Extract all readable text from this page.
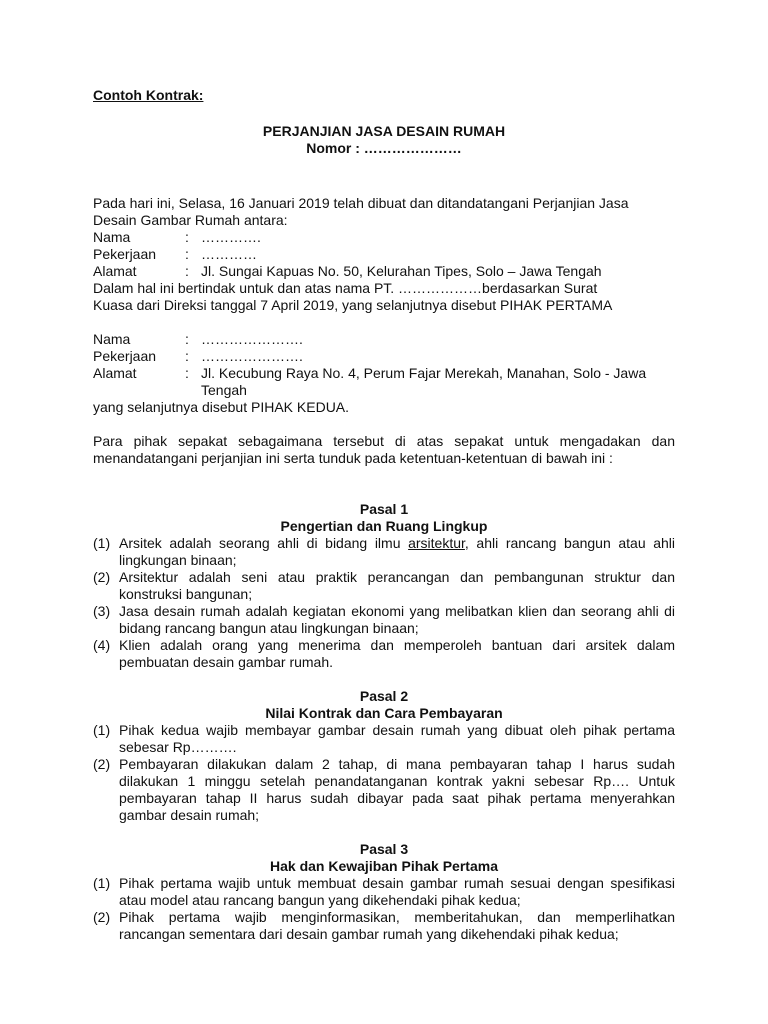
Contoh Kontrak:
PERJANJIAN JASA DESAIN RUMAH
Nomor : …………………
Pada hari ini, Selasa, 16 Januari 2019 telah dibuat dan ditandatangani Perjanjian Jasa
Desain Gambar Rumah antara:
Nama	: ………….
Pekerjaan	: …………
Alamat	: Jl. Sungai Kapuas No. 50, Kelurahan Tipes, Solo – Jawa Tengah
Dalam hal ini bertindak untuk dan atas nama PT. ………………berdasarkan Surat
Kuasa dari Direksi tanggal 7 April 2019, yang selanjutnya disebut PIHAK PERTAMA
Nama	: ………………….
Pekerjaan	: ………………….
Alamat	: Jl. Kecubung Raya No. 4, Perum Fajar Merekah, Manahan, Solo - Jawa Tengah
yang selanjutnya disebut PIHAK KEDUA.
Para pihak sepakat sebagaimana tersebut di atas sepakat untuk mengadakan dan menandatangani perjanjian ini serta tunduk pada ketentuan-ketentuan di bawah ini :
Pasal 1
Pengertian dan Ruang Lingkup
(1) Arsitek adalah seorang ahli di bidang ilmu arsitektur, ahli rancang bangun atau ahli lingkungan binaan;
(2) Arsitektur adalah seni atau praktik perancangan dan pembangunan struktur dan konstruksi bangunan;
(3) Jasa desain rumah adalah kegiatan ekonomi yang melibatkan klien dan seorang ahli di bidang rancang bangun atau lingkungan binaan;
(4) Klien adalah orang yang menerima dan memperoleh bantuan dari arsitek dalam pembuatan desain gambar rumah.
Pasal 2
Nilai Kontrak dan Cara Pembayaran
(1) Pihak kedua wajib membayar gambar desain rumah yang dibuat oleh pihak pertama sebesar Rp……….
(2) Pembayaran dilakukan dalam 2 tahap, di mana pembayaran tahap I harus sudah dilakukan 1 minggu setelah penandatanganan kontrak yakni sebesar Rp…. Untuk pembayaran tahap II harus sudah dibayar pada saat pihak pertama menyerahkan gambar desain rumah;
Pasal 3
Hak dan Kewajiban Pihak Pertama
(1) Pihak pertama wajib untuk membuat desain gambar rumah sesuai dengan spesifikasi atau model atau rancang bangun yang dikehendaki pihak kedua;
(2) Pihak pertama wajib menginformasikan, memberitahukan, dan memperlihatkan rancangan sementara dari desain gambar rumah yang dikehendaki pihak kedua;
